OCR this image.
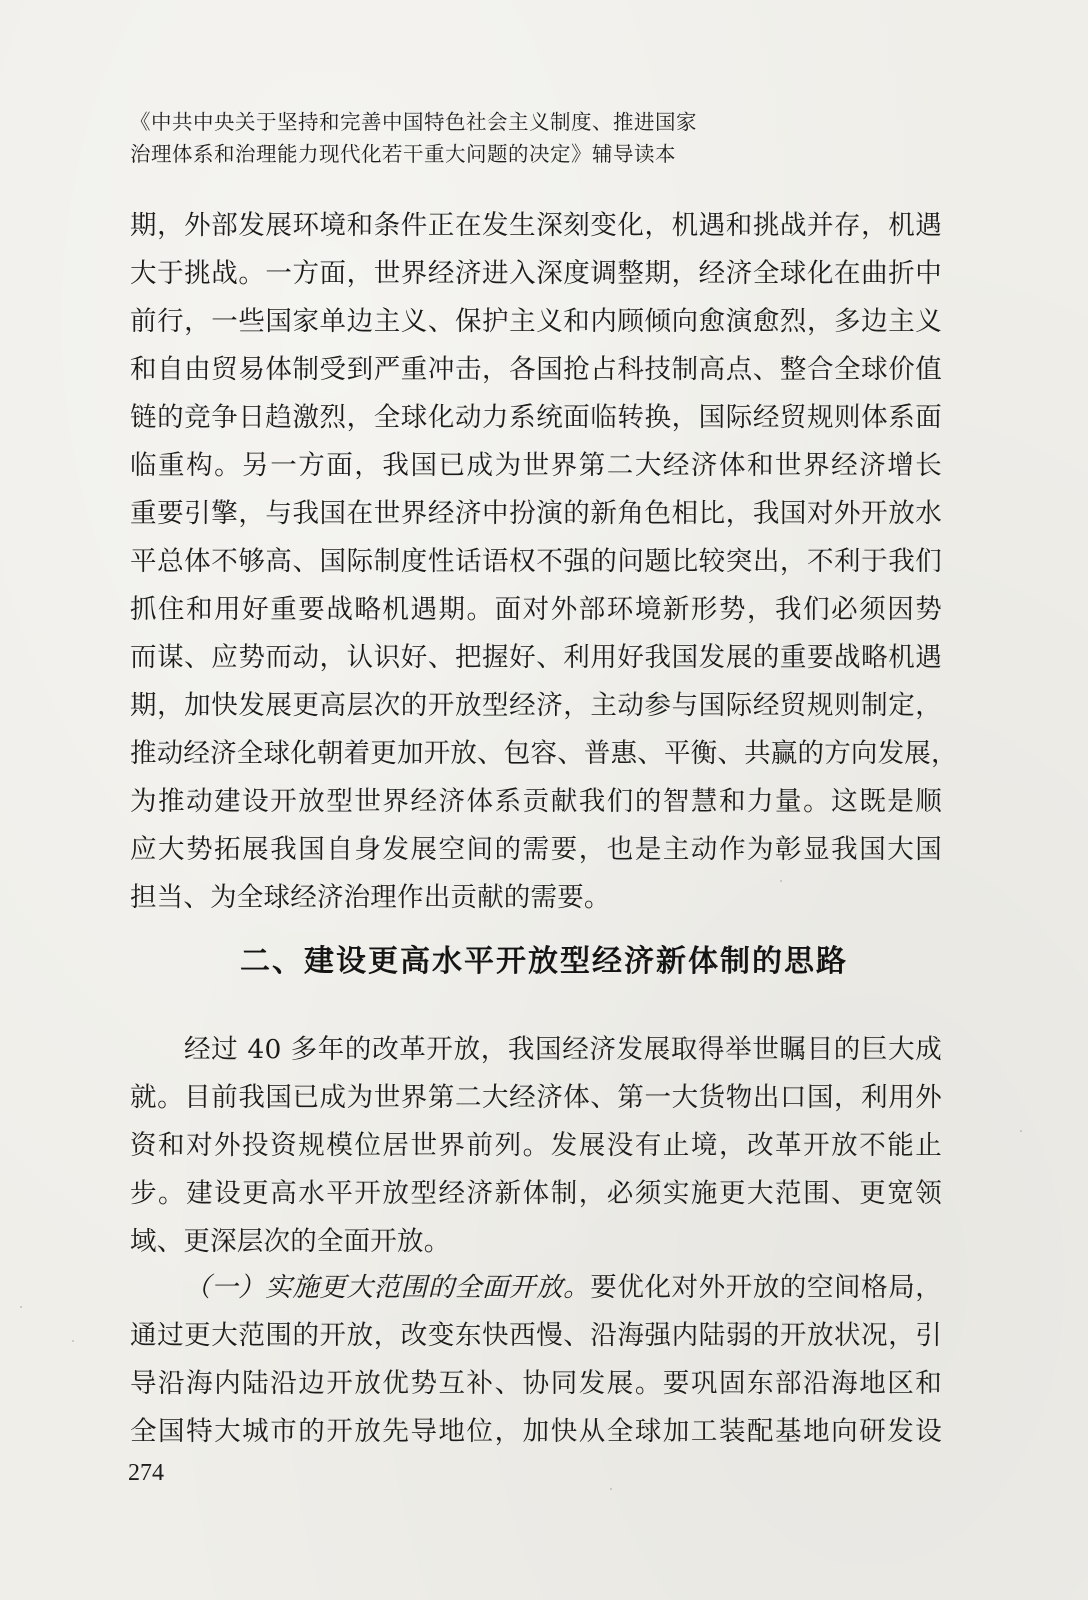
《中共中央关于坚持和完善中国特色社会主义制度、推进国家
治理体系和治理能力现代化若干重大问题的决定》辅导读本
期，外部发展环境和条件正在发生深刻变化，机遇和挑战并存，机遇
大于挑战。一方面，世界经济进入深度调整期，经济全球化在曲折中
前行，一些国家单边主义、保护主义和内顾倾向愈演愈烈，多边主义
和自由贸易体制受到严重冲击，各国抢占科技制高点、整合全球价值
链的竞争日趋激烈，全球化动力系统面临转换，国际经贸规则体系面
临重构。另一方面，我国已成为世界第二大经济体和世界经济增长
重要引擎，与我国在世界经济中扮演的新角色相比，我国对外开放水
平总体不够高、国际制度性话语权不强的问题比较突出，不利于我们
抓住和用好重要战略机遇期。面对外部环境新形势，我们必须因势
而谋、应势而动，认识好、把握好、利用好我国发展的重要战略机遇
期，加快发展更高层次的开放型经济，主动参与国际经贸规则制定，
推动经济全球化朝着更加开放、包容、普惠、平衡、共赢的方向发展，
为推动建设开放型世界经济体系贡献我们的智慧和力量。这既是顺
应大势拓展我国自身发展空间的需要，也是主动作为彰显我国大国
担当、为全球经济治理作出贡献的需要。
二、建设更高水平开放型经济新体制的思路
经过 40 多年的改革开放，我国经济发展取得举世瞩目的巨大成
就。目前我国已成为世界第二大经济体、第一大货物出口国，利用外
资和对外投资规模位居世界前列。发展没有止境，改革开放不能止
步。建设更高水平开放型经济新体制，必须实施更大范围、更宽领
域、更深层次的全面开放。
（一）实施更大范围的全面开放。要优化对外开放的空间格局，
通过更大范围的开放，改变东快西慢、沿海强内陆弱的开放状况，引
导沿海内陆沿边开放优势互补、协同发展。要巩固东部沿海地区和
全国特大城市的开放先导地位，加快从全球加工装配基地向研发设
274
